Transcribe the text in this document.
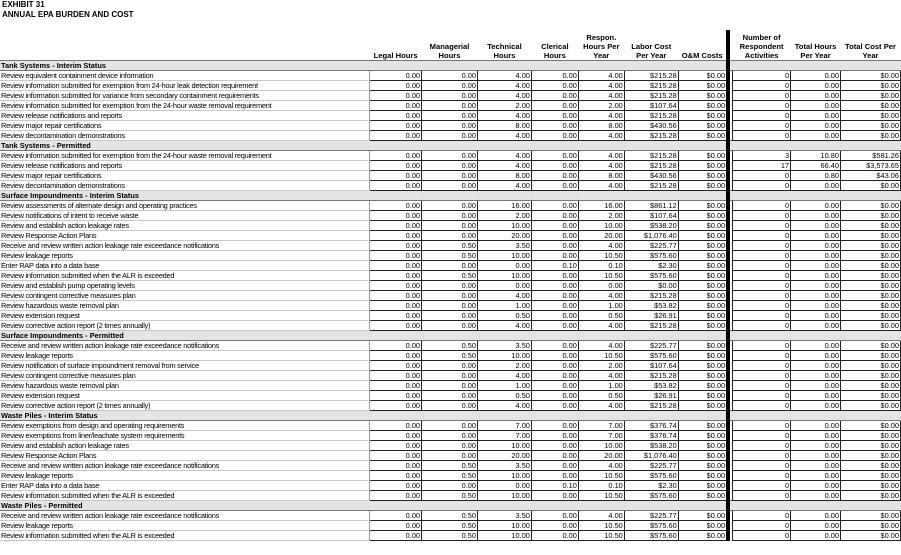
EXHIBIT 31
ANNUAL EPA BURDEN AND COST
	Legal Hours	Managerial Hours	Technical Hours	Clerical Hours	Respon. Hours Per Year	Labor Cost Per Year	O&M Costs		Number of Respondent Activities	Total Hours Per Year	Total Cost Per Year
Tank Systems - Interim Status											
Review equivalent containment device information	0.00	0.00	4.00	0.00	4.00	$215.28	$0.00		0	0.00	$0.00
Review information submitted for exemption from 24-hour leak detection requirement	0.00	0.00	4.00	0.00	4.00	$215.28	$0.00		0	0.00	$0.00
Review information submitted for variance from secondary containment requirements	0.00	0.00	4.00	0.00	4.00	$215.28	$0.00		0	0.00	$0.00
Review information submitted for exemption from the 24-hour waste removal requirement	0.00	0.00	2.00	0.00	2.00	$107.64	$0.00		0	0.00	$0.00
Review release notifications and reports	0.00	0.00	4.00	0.00	4.00	$215.28	$0.00		0	0.00	$0.00
Review major repair certifications	0.00	0.00	8.00	0.00	8.00	$430.56	$0.00		0	0.00	$0.00
Review decontamination demonstrations	0.00	0.00	4.00	0.00	4.00	$215.28	$0.00		0	0.00	$0.00
Tank Systems - Permitted											
Review information submitted for exemption from the 24-hour waste removal requirement	0.00	0.00	4.00	0.00	4.00	$215.28	$0.00		3	10.80	$581.26
Review release notifications and reports	0.00	0.00	4.00	0.00	4.00	$215.28	$0.00		17	66.40	$3,573.65
Review major repair certifications	0.00	0.00	8.00	0.00	8.00	$430.56	$0.00		0	0.80	$43.06
Review decontamination demonstrations	0.00	0.00	4.00	0.00	4.00	$215.28	$0.00		0	0.00	$0.00
Surface Impoundments - Interim Status											
Review assessments of alternate design and operating practices	0.00	0.00	16.00	0.00	16.00	$861.12	$0.00		0	0.00	$0.00
Review notifications of intent to receive waste	0.00	0.00	2.00	0.00	2.00	$107.64	$0.00		0	0.00	$0.00
Review and establish action leakage rates	0.00	0.00	10.00	0.00	10.00	$538.20	$0.00		0	0.00	$0.00
Review Response Action Plans	0.00	0.00	20.00	0.00	20.00	$1,076.40	$0.00		0	0.00	$0.00
Receive and review written action leakage rate exceedance notifications	0.00	0.50	3.50	0.00	4.00	$225.77	$0.00		0	0.00	$0.00
Review leakage reports	0.00	0.50	10.00	0.00	10.50	$575.60	$0.00		0	0.00	$0.00
Enter RAP data into a data base	0.00	0.00	0.00	0.10	0.10	$2.30	$0.00		0	0.00	$0.00
Review information submitted when the ALR is exceeded	0.00	0.50	10.00	0.00	10.50	$575.60	$0.00		0	0.00	$0.00
Review and establish pump operating levels	0.00	0.00	0.00	0.00	0.00	$0.00	$0.00		0	0.00	$0.00
Review contingent corrective measures plan	0.00	0.00	4.00	0.00	4.00	$215.28	$0.00		0	0.00	$0.00
Review hazardous waste removal plan	0.00	0.00	1.00	0.00	1.00	$53.82	$0.00		0	0.00	$0.00
Review extension request	0.00	0.00	0.50	0.00	0.50	$26.91	$0.00		0	0.00	$0.00
Review corrective action report (2 times annually)	0.00	0.00	4.00	0.00	4.00	$215.28	$0.00		0	0.00	$0.00
Surface Impoundments - Permitted											
Receive and review written action leakage rate exceedance notifications	0.00	0.50	3.50	0.00	4.00	$225.77	$0.00		0	0.00	$0.00
Review leakage reports	0.00	0.50	10.00	0.00	10.50	$575.60	$0.00		0	0.00	$0.00
Review notification of surface impoundment removal from service	0.00	0.00	2.00	0.00	2.00	$107.64	$0.00		0	0.00	$0.00
Review contingent corrective measures plan	0.00	0.00	4.00	0.00	4.00	$215.28	$0.00		0	0.00	$0.00
Review hazardous waste removal plan	0.00	0.00	1.00	0.00	1.00	$53.82	$0.00		0	0.00	$0.00
Review extension request	0.00	0.00	0.50	0.00	0.50	$26.91	$0.00		0	0.00	$0.00
Review corrective action report (2 times annually)	0.00	0.00	4.00	0.00	4.00	$215.28	$0.00		0	0.00	$0.00
Waste Piles - Interim Status											
Review exemptions from design and operating requirements	0.00	0.00	7.00	0.00	7.00	$376.74	$0.00		0	0.00	$0.00
Review exemptions from liner/leachate system requirements	0.00	0.00	7.00	0.00	7.00	$376.74	$0.00		0	0.00	$0.00
Review and establish action leakage rates	0.00	0.00	10.00	0.00	10.00	$538.20	$0.00		0	0.00	$0.00
Review Response Action Plans	0.00	0.00	20.00	0.00	20.00	$1,076.40	$0.00		0	0.00	$0.00
Receive and review written action leakage rate exceedance notifications	0.00	0.50	3.50	0.00	4.00	$225.77	$0.00		0	0.00	$0.00
Review leakage reports	0.00	0.50	10.00	0.00	10.50	$575.60	$0.00		0	0.00	$0.00
Enter RAP data into a data base	0.00	0.00	0.00	0.10	0.10	$2.30	$0.00		0	0.00	$0.00
Review information submitted when the ALR is exceeded	0.00	0.50	10.00	0.00	10.50	$575.60	$0.00		0	0.00	$0.00
Waste Piles - Permitted											
Receive and review written action leakage rate exceedance notifications	0.00	0.50	3.50	0.00	4.00	$225.77	$0.00		0	0.00	$0.00
Review leakage reports	0.00	0.50	10.00	0.00	10.50	$575.60	$0.00		0	0.00	$0.00
Review information submitted when the ALR is exceeded	0.00	0.50	10.00	0.00	10.50	$575.60	$0.00		0	0.00	$0.00
